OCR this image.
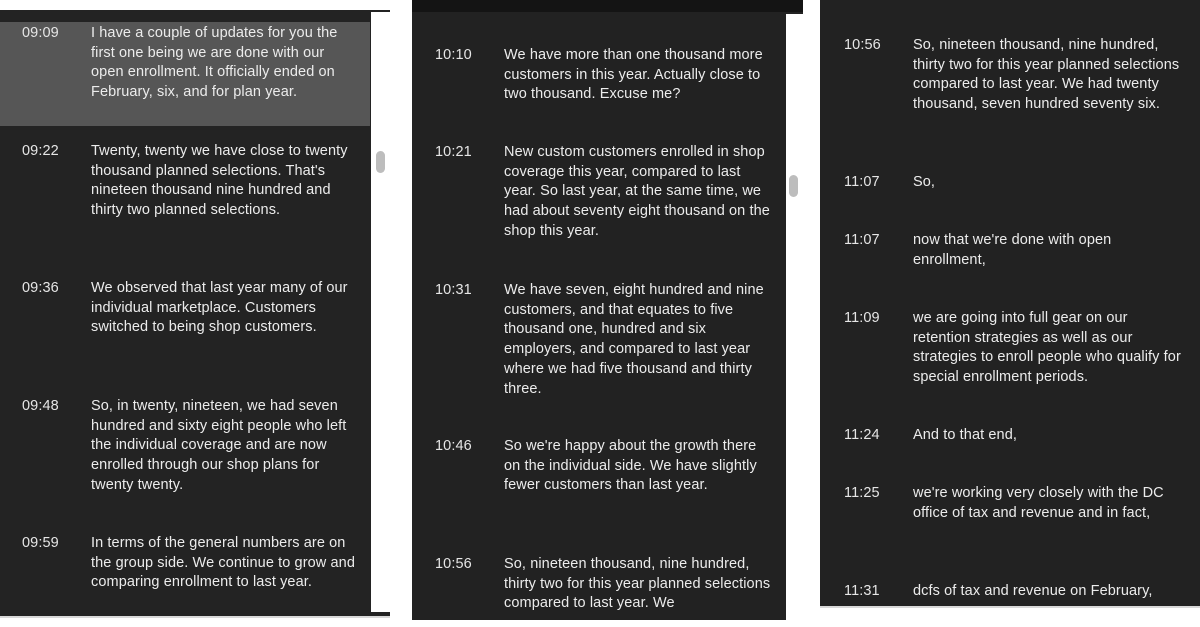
09:09	I have a couple of updates for you the first one being we are done with our open enrollment. It officially ended on February, six, and for plan year.
09:22	Twenty, twenty we have close to twenty thousand planned selections. That's nineteen thousand nine hundred and thirty two planned selections.
09:36	We observed that last year many of our individual marketplace. Customers switched to being shop customers.
09:48	So, in twenty, nineteen, we had seven hundred and sixty eight people who left the individual coverage and are now enrolled through our shop plans for twenty twenty.
09:59	In terms of the general numbers are on the group side. We continue to grow and comparing enrollment to last year.
10:10	We have more than one thousand more customers in this year. Actually close to two thousand. Excuse me?
10:21	New custom customers enrolled in shop coverage this year, compared to last year. So last year, at the same time, we had about seventy eight thousand on the shop this year.
10:31	We have seven, eight hundred and nine customers, and that equates to five thousand one, hundred and six employers, and compared to last year where we had five thousand and thirty three.
10:46	So we're happy about the growth there on the individual side. We have slightly fewer customers than last year.
10:56	So, nineteen thousand, nine hundred, thirty two for this year planned selections compared to last year. We
10:56	So, nineteen thousand, nine hundred, thirty two for this year planned selections compared to last year. We had twenty thousand, seven hundred seventy six.
11:07	So,
11:07	now that we're done with open enrollment,
11:09	we are going into full gear on our retention strategies as well as our strategies to enroll people who qualify for special enrollment periods.
11:24	And to that end,
11:25	we're working very closely with the DC office of tax and revenue and in fact,
11:31	dcfs of tax and revenue on February,
